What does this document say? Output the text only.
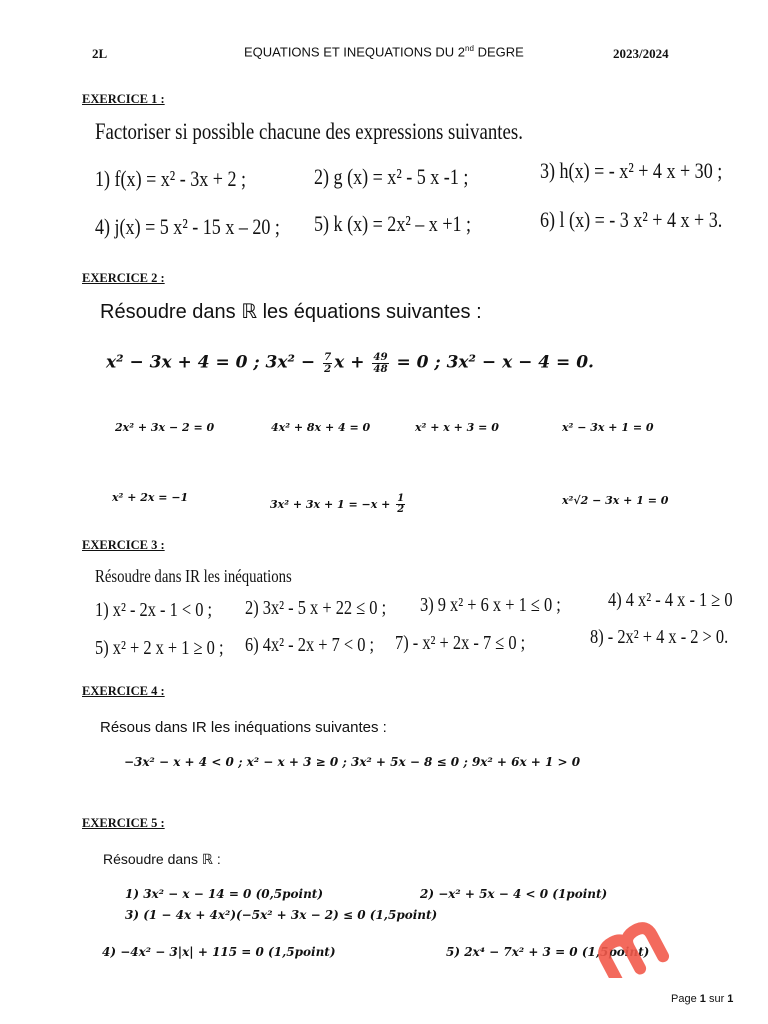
2L	EQUATIONS ET INEQUATIONS DU 2nd DEGRE	2023/2024
EXERCICE 1 :
Factoriser si possible chacune des expressions suivantes.
1) f(x) = x² - 3x + 2 ;	2) g (x) = x² - 5 x -1 ;	3) h(x) = - x² + 4 x + 30 ;
4) j(x) = 5 x² - 15 x – 20 ; 5) k (x) = 2x² – x +1 ;	6) l (x) = - 3 x² + 4 x + 3.
EXERCICE 2 :
Résoudre dans ℝ les équations suivantes :
x² − 3x + 4 = 0 ; $3x^2 - \frac{7}{2}$ $x + \frac{49}{48} = 0$ ; 3x² − x − 4 = 0.
2x² + 3x − 2 = 0	4x² + 8x + 4 = 0	x² + x + 3 = 0	x² − 3x + 1 = 0
x² + 2x = −1
$3x^2 + 3x + 1 = -x + \frac{1}{2}$	x²√2 − 3x + 1 = 0
EXERCICE 3 :
Résoudre dans IR les inéquations
1) x² - 2x - 1 < 0 ; 2) 3x² - 5 x + 22 ≤ 0 ; 3) 9 x² + 6 x + 1 ≤ 0 ; 4) 4 x² - 4 x - 1 ≥ 0
5) x² + 2 x + 1 ≥ 0 ; 6) 4x² - 2x + 7 < 0 ; 7) - x² + 2x - 7 ≤ 0 ;	8) - 2x² + 4 x - 2 > 0.
EXERCICE 4 :
Résous dans IR les inéquations suivantes :
−3x² − x + 4 < 0 ; x² − x + 3 ≥ 0 ; 3x² + 5x − 8 ≤ 0 ; 9x² + 6x + 1 > 0
EXERCICE 5 :
Résoudre dans ℝ :
1) 3x² − x − 14 = 0 (0,5point)	2) −x² + 5x − 4 < 0 (1point)
3) (1 − 4x + 4x²)(−5x² + 3x − 2) ≤ 0 (1,5point)
4) −4x² − 3|x| + 115 = 0 (1,5point)	5) 2x⁴ − 7x² + 3 = 0 (1,5point)
Page 1 sur 1
